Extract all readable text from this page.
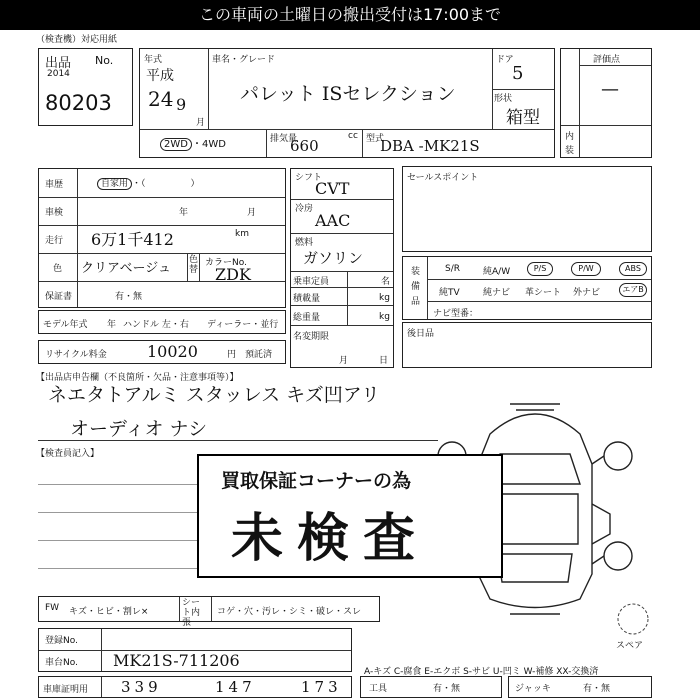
この車両の土曜日の搬出受付は17:00まで
（検査機）対応用紙
出品 No.
2014
80203
年式
平成
24 9
月
車名・グレード
パレット ISセレクション
ドア
5
形状
箱型
2WD ・4WD	排気量	cc
660	型式
DBA -MK21S
評価点
—
内
装
車歴	自家用 ・（　　　　　）
車検	年	月
走行 6万1千412	km
色 クリアベージュ
色替
カラーNo.
ZDK
保証書	有・無
モデル年式 年 ハンドル 左・右 ディーラー・並行
リサイクル料金	10020	円 預託済
シフト
CVT
冷房
AAC
燃料
ガソリン
乗車定員	名
積載量	kg
総重量	kg
名変期限
月	日
セールスポイント
装備品
S/R	純A/W	P/S	P/W	ABS
純TV	純ナビ 革シート 外ナビ	エアB
ナビ型番：
後日品
【出品店申告欄（不良箇所・欠品・注意事項等）】
ネエタトアルミ スタッレス キズ凹アリ
オーディオ ナシ
【検査員記入】
買取保証コーナーの為
未検査
FW キズ・ヒビ・割レ×
シート内張
コゲ・穴・汚レ・シミ・破レ・スレ
登録No.
車台No. MK21S-711206
車庫証明用 339	147	173
A-キズ C-腐食 E-エクボ S-サビ U-凹ミ W-補修 XX-交換済
工具	有・無	ジャッキ	有・無
スペア
